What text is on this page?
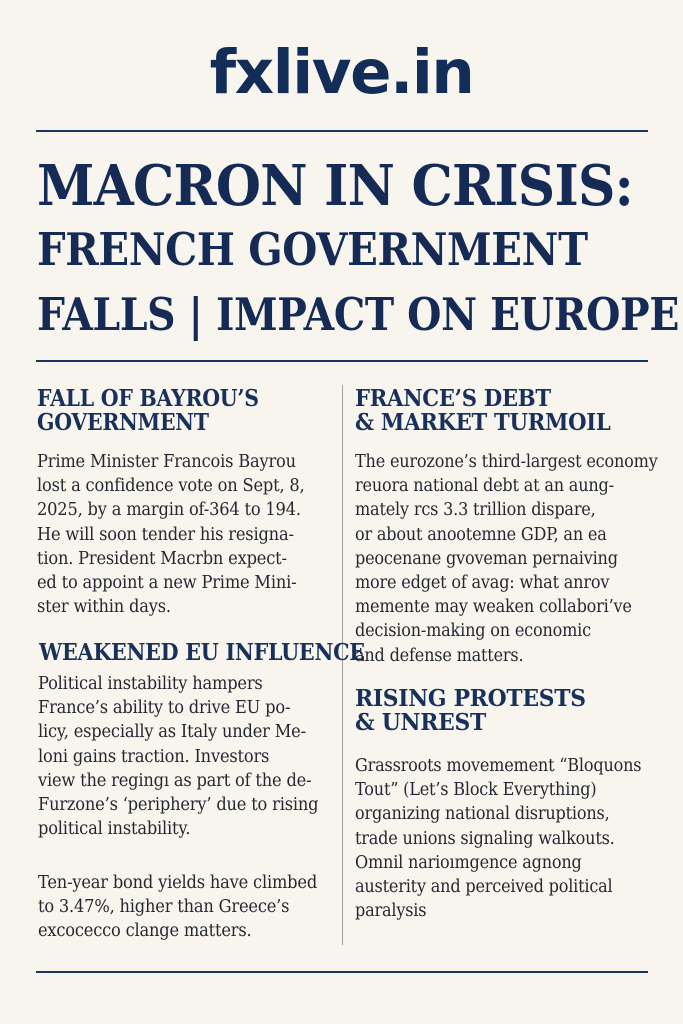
fxlive.in
MACRON IN CRISIS:
FRENCH GOVERNMENT
FALLS | IMPACT ON EUROPE
FALL OF BAYROU’S
GOVERNMENT

Prime Minister Francois Bayrou
lost a confidence vote on Sept, 8,
2025, by a margin of-364 to 194.
He will soon tender his resigna-
tion. President Macrbn expect-
ed to appoint a new Prime Mini-
ster within days.

WEAKENED EU INFLUENCE

Political instability hampers
France’s ability to drive EU po-
licy, especially as Italy under Me-
loni gains traction. Investors
view the regingı as part of the de-
Furzone’s ‘periphery’ due to rising
political instability.

Ten-year bond yields have climbed
to 3.47%, higher than Greece’s
excocecco clange matters.

FRANCE’S DEBT
& MARKET TURMOIL

The eurozone’s third-largest economy
reuora national debt at an aung-
mately rcs 3.3 trillion dispare,
or about anootemne GDP, an ea
peocenane gvoveman pernaiving
more edget of avag: what anrov
memente may weaken collabori’ve
decision-making on economic
and defense matters.

RISING PROTESTS
& UNREST

Grassroots movemement “Bloquons
Tout” (Let’s Block Everything)
organizing national disruptions,
trade unions signaling walkouts.
Omnil narioımgence agnong
austerity and perceived political
paralysis
